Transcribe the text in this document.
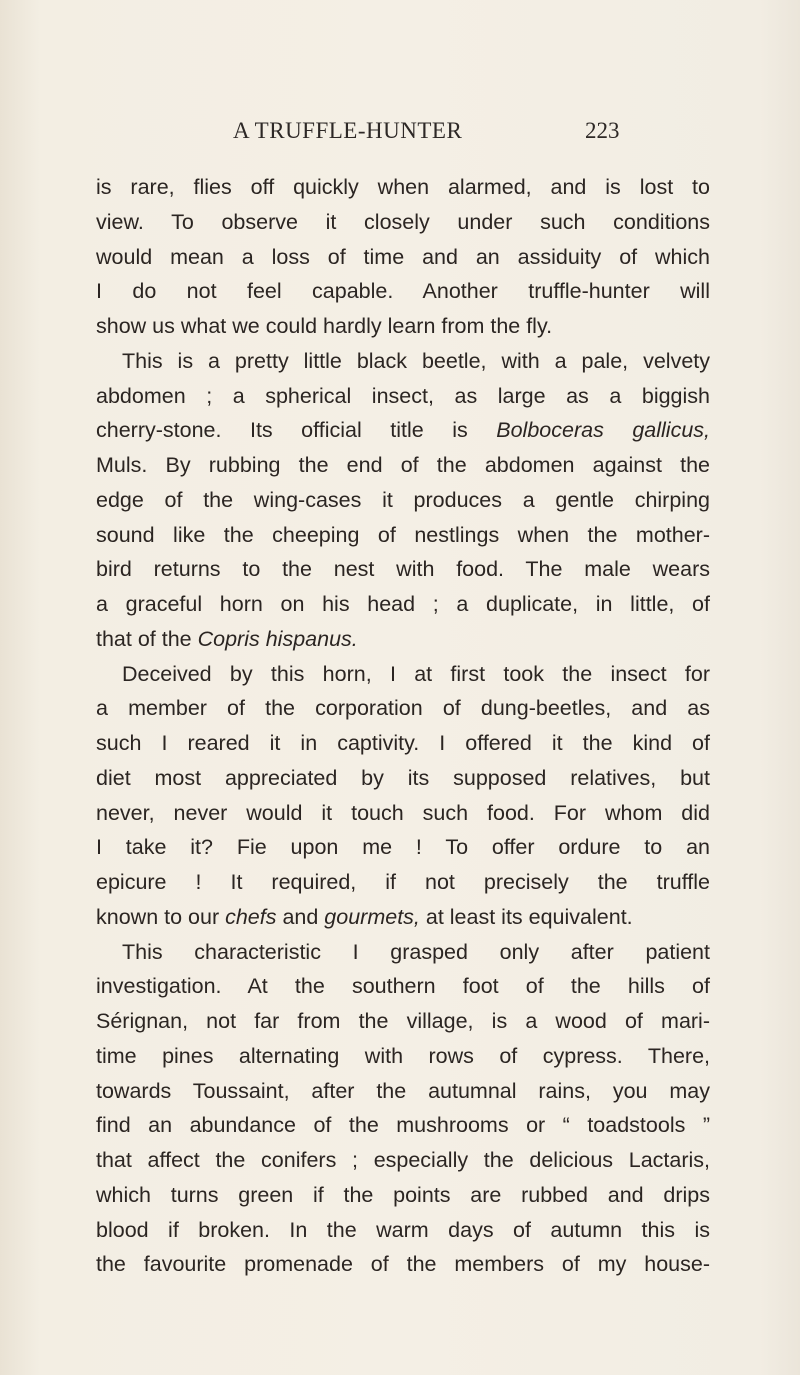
A TRUFFLE-HUNTER	223
is rare, flies off quickly when alarmed, and is lost to
view. To observe it closely under such conditions
would mean a loss of time and an assiduity of which
I do not feel capable. Another truffle-hunter will
show us what we could hardly learn from the fly.
This is a pretty little black beetle, with a pale, velvety
abdomen ; a spherical insect, as large as a biggish
cherry-stone. Its official title is Bolboceras gallicus,
Muls. By rubbing the end of the abdomen against the
edge of the wing-cases it produces a gentle chirping
sound like the cheeping of nestlings when the mother-
bird returns to the nest with food. The male wears
a graceful horn on his head ; a duplicate, in little, of
that of the Copris hispanus.
Deceived by this horn, I at first took the insect for
a member of the corporation of dung-beetles, and as
such I reared it in captivity. I offered it the kind of
diet most appreciated by its supposed relatives, but
never, never would it touch such food. For whom did
I take it? Fie upon me ! To offer ordure to an
epicure ! It required, if not precisely the truffle
known to our chefs and gourmets, at least its equivalent.
This characteristic I grasped only after patient
investigation. At the southern foot of the hills of
Sérignan, not far from the village, is a wood of mari-
time pines alternating with rows of cypress. There,
towards Toussaint, after the autumnal rains, you may
find an abundance of the mushrooms or “ toadstools ”
that affect the conifers ; especially the delicious Lactaris,
which turns green if the points are rubbed and drips
blood if broken. In the warm days of autumn this is
the favourite promenade of the members of my house-
